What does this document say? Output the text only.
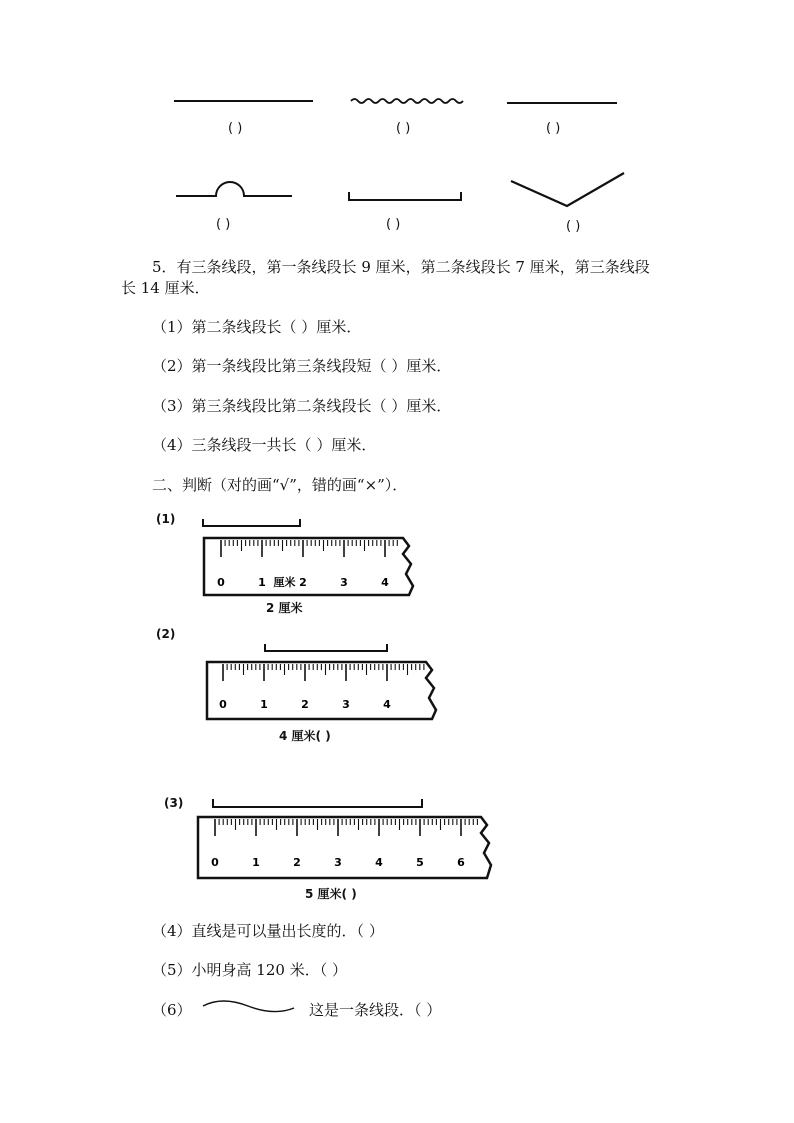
( )	( )	( )
( )	( )	( )
5．有三条线段，第一条线段长 9 厘米，第二条线段长 7 厘米，第三条线段
长 14 厘米．
（1）第二条线段长（ ）厘米．
（2）第一条线段比第三条线段短（ ）厘米．
（3）第三条线段比第二条线段长（ ）厘米．
（4）三条线段一共长（ ）厘米．
二、判断（对的画“√”，错的画“×”）．
(1)
0	1	2	3	4
厘米
2 厘米
(2)
0	1	2	3	4
4 厘米( )
(3)
0	1	2	3	4	5	6
5 厘米( )
（4）直线是可以量出长度的．（ ）
（5）小明身高 120 米．（ ）
（6）	这是一条线段．（ ）
